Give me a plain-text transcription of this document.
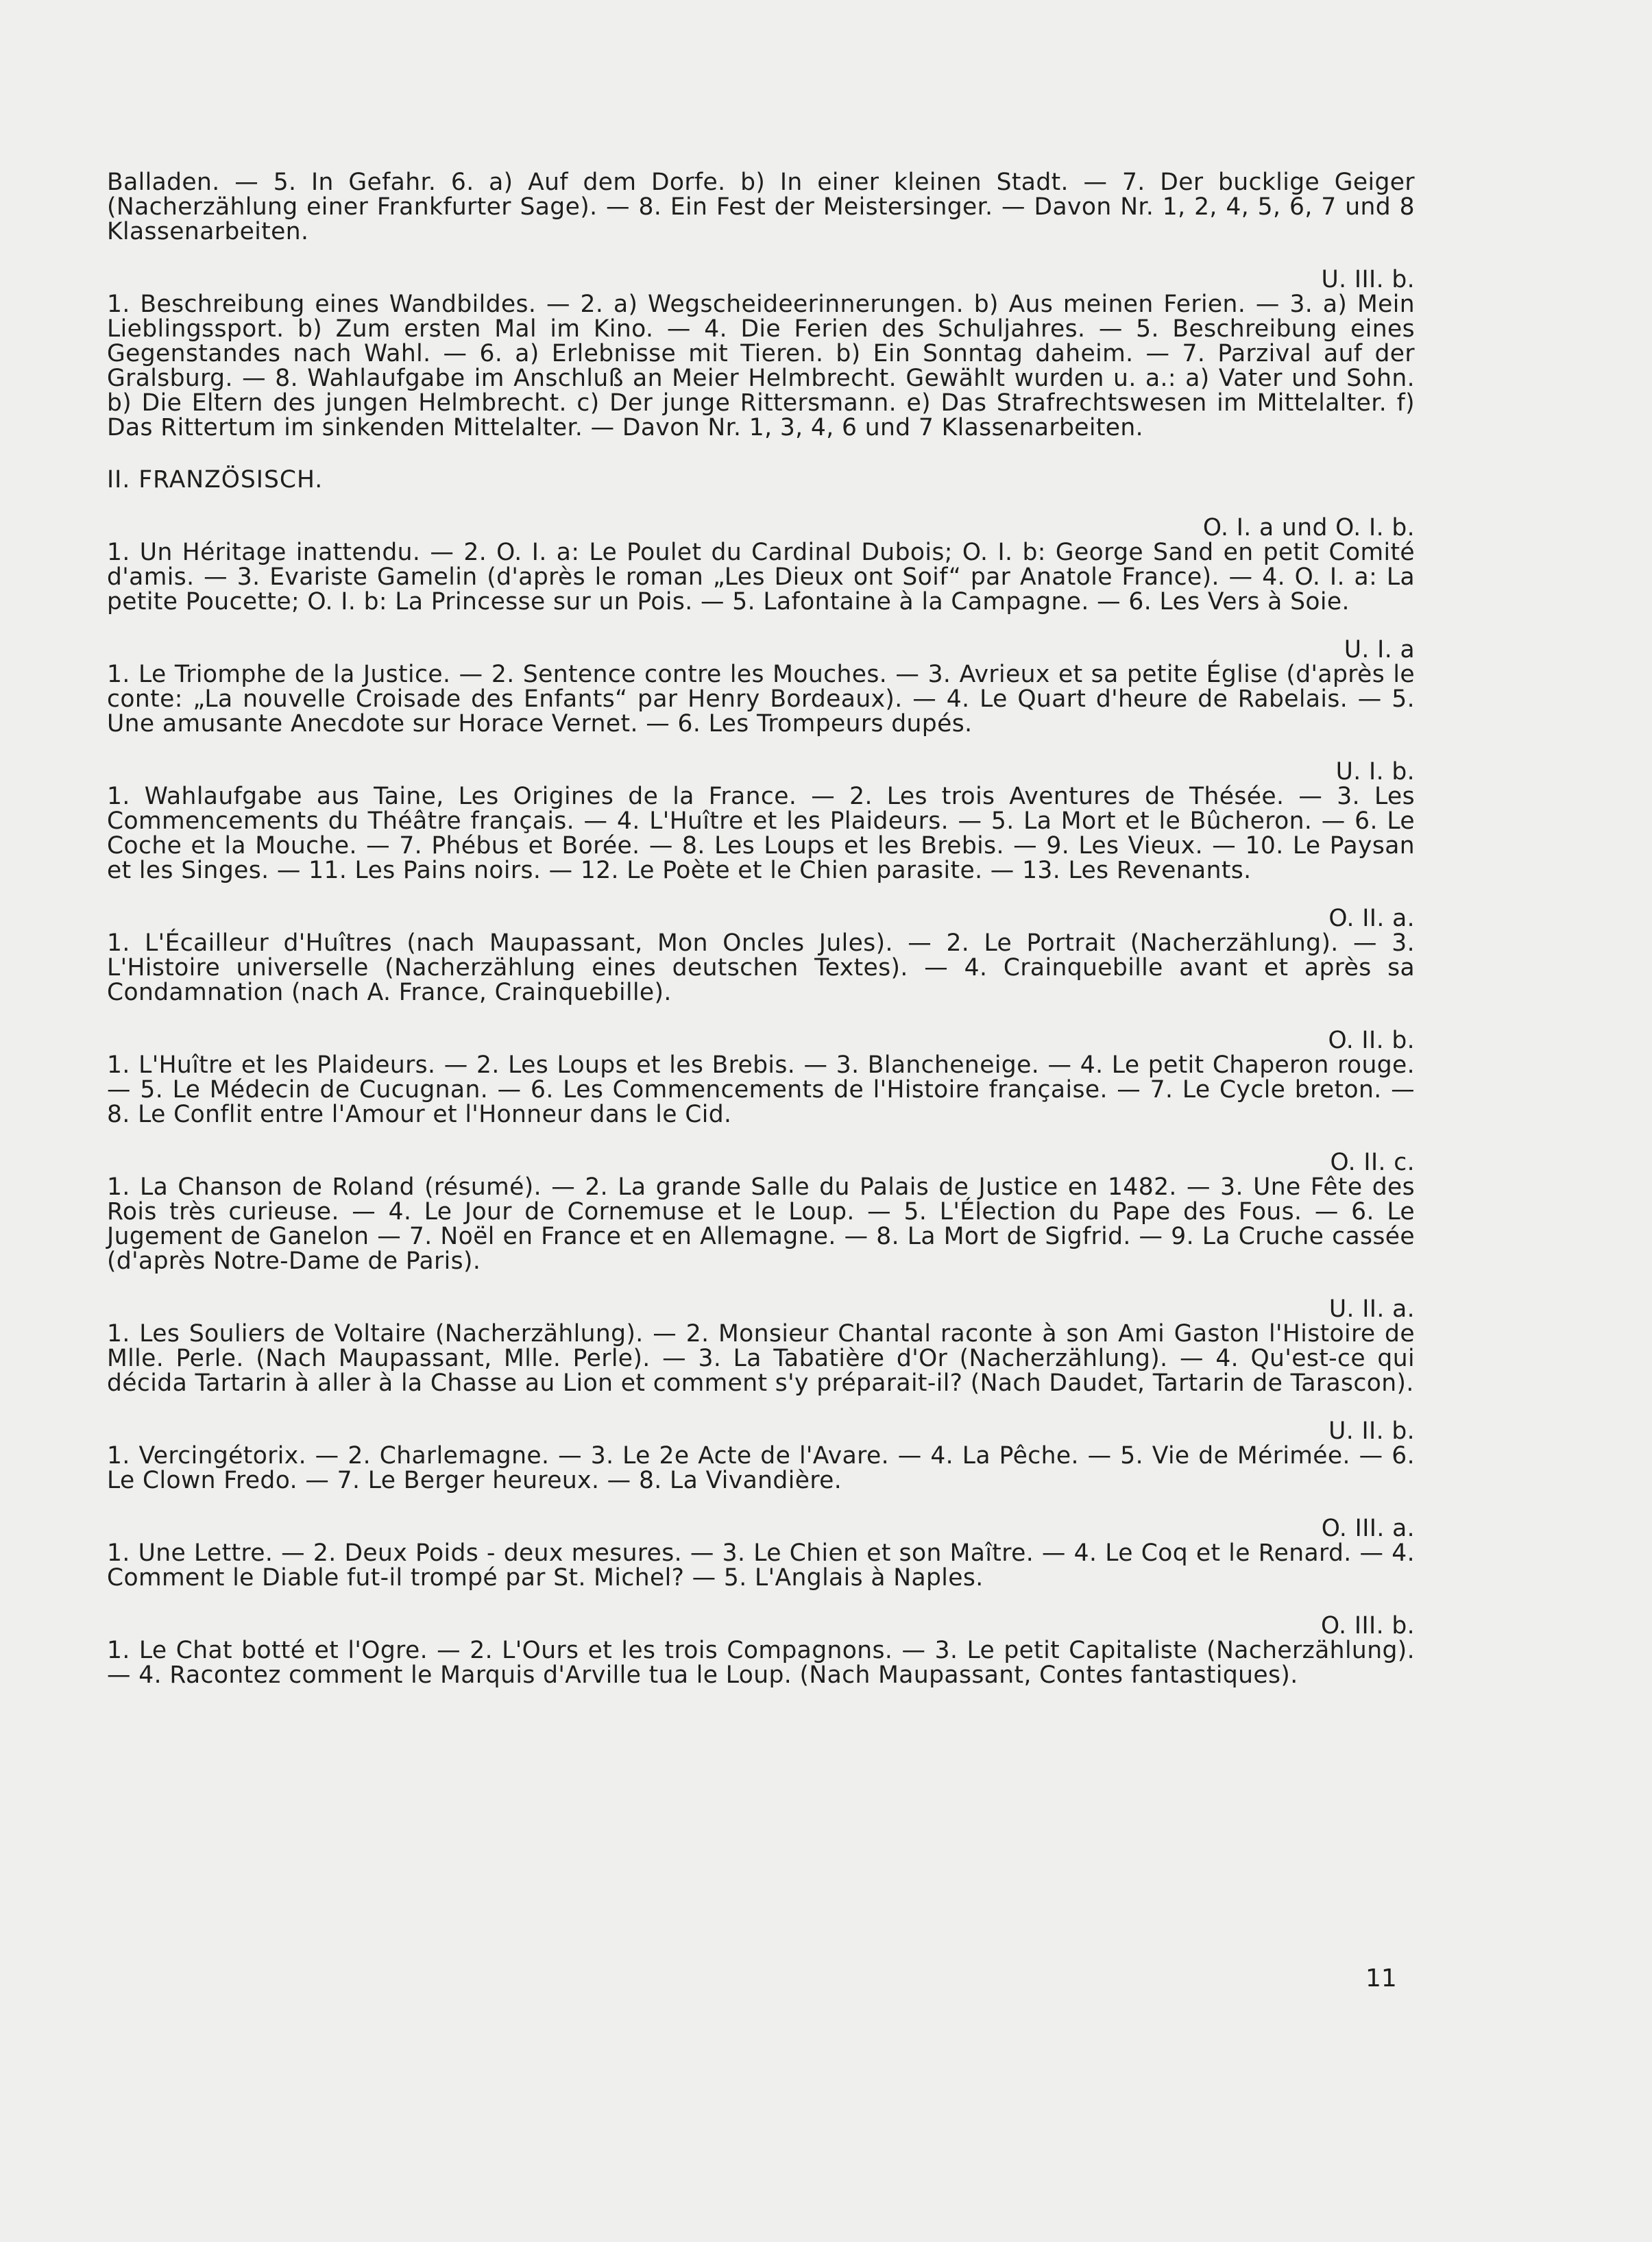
Balladen. — 5. In Gefahr. 6. a) Auf dem Dorfe. b) In einer kleinen Stadt. — 7. Der bucklige Geiger (Nacherzählung einer Frankfurter Sage). — 8. Ein Fest der Meistersinger. — Davon Nr. 1, 2, 4, 5, 6, 7 und 8 Klassenarbeiten.

U. III. b.

1. Beschreibung eines Wandbildes. — 2. a) Wegscheideerinnerungen. b) Aus meinen Ferien. — 3. a) Mein Lieblingssport. b) Zum ersten Mal im Kino. — 4. Die Ferien des Schuljahres. — 5. Beschreibung eines Gegenstandes nach Wahl. — 6. a) Erlebnisse mit Tieren. b) Ein Sonntag daheim. — 7. Parzival auf der Gralsburg. — 8. Wahlaufgabe im Anschluß an Meier Helmbrecht. Gewählt wurden u. a.: a) Vater und Sohn. b) Die Eltern des jungen Helmbrecht. c) Der junge Rittersmann. e) Das Strafrechtswesen im Mittelalter. f) Das Rittertum im sinkenden Mittelalter. — Davon Nr. 1, 3, 4, 6 und 7 Klassenarbeiten.

II. FRANZÖSISCH.

O. I. a und O. I. b.

1. Un Héritage inattendu. — 2. O. I. a: Le Poulet du Cardinal Dubois; O. I. b: George Sand en petit Comité d'amis. — 3. Evariste Gamelin (d'après le roman „Les Dieux ont Soif“ par Anatole France). — 4. O. I. a: La petite Poucette; O. I. b: La Princesse sur un Pois. — 5. Lafontaine à la Campagne. — 6. Les Vers à Soie.

U. I. a

1. Le Triomphe de la Justice. — 2. Sentence contre les Mouches. — 3. Avrieux et sa petite Église (d'après le conte: „La nouvelle Croisade des Enfants“ par Henry Bordeaux). — 4. Le Quart d'heure de Rabelais. — 5. Une amusante Anecdote sur Horace Vernet. — 6. Les Trompeurs dupés.

U. I. b.

1. Wahlaufgabe aus Taine, Les Origines de la France. — 2. Les trois Aventures de Thésée. — 3. Les Commencements du Théâtre français. — 4. L'Huître et les Plaideurs. — 5. La Mort et le Bûcheron. — 6. Le Coche et la Mouche. — 7. Phébus et Borée. — 8. Les Loups et les Brebis. — 9. Les Vieux. — 10. Le Paysan et les Singes. — 11. Les Pains noirs. — 12. Le Poète et le Chien parasite. — 13. Les Revenants.

O. II. a.

1. L'Écailleur d'Huîtres (nach Maupassant, Mon Oncles Jules). — 2. Le Portrait (Nacherzählung). — 3. L'Histoire universelle (Nacherzählung eines deutschen Textes). — 4. Crainquebille avant et après sa Condamnation (nach A. France, Crainquebille).

O. II. b.

1. L'Huître et les Plaideurs. — 2. Les Loups et les Brebis. — 3. Blancheneige. — 4. Le petit Chaperon rouge. — 5. Le Médecin de Cucugnan. — 6. Les Commencements de l'Histoire française. — 7. Le Cycle breton. — 8. Le Conflit entre l'Amour et l'Honneur dans le Cid.

O. II. c.

1. La Chanson de Roland (résumé). — 2. La grande Salle du Palais de Justice en 1482. — 3. Une Fête des Rois très curieuse. — 4. Le Jour de Cornemuse et le Loup. — 5. L'Élection du Pape des Fous. — 6. Le Jugement de Ganelon — 7. Noël en France et en Allemagne. — 8. La Mort de Sigfrid. — 9. La Cruche cassée (d'après Notre-Dame de Paris).

U. II. a.

1. Les Souliers de Voltaire (Nacherzählung). — 2. Monsieur Chantal raconte à son Ami Gaston l'Histoire de Mlle. Perle. (Nach Maupassant, Mlle. Perle). — 3. La Tabatière d'Or (Nacherzählung). — 4. Qu'est-ce qui décida Tartarin à aller à la Chasse au Lion et comment s'y préparait-il? (Nach Daudet, Tartarin de Tarascon).

U. II. b.

1. Vercingétorix. — 2. Charlemagne. — 3. Le 2e Acte de l'Avare. — 4. La Pêche. — 5. Vie de Mérimée. — 6. Le Clown Fredo. — 7. Le Berger heureux. — 8. La Vivandière.

O. III. a.

1. Une Lettre. — 2. Deux Poids - deux mesures. — 3. Le Chien et son Maître. — 4. Le Coq et le Renard. — 4. Comment le Diable fut-il trompé par St. Michel? — 5. L'Anglais à Naples.

O. III. b.

1. Le Chat botté et l'Ogre. — 2. L'Ours et les trois Compagnons. — 3. Le petit Capitaliste (Nacherzählung). — 4. Racontez comment le Marquis d'Arville tua le Loup. (Nach Maupassant, Contes fantastiques).

11
